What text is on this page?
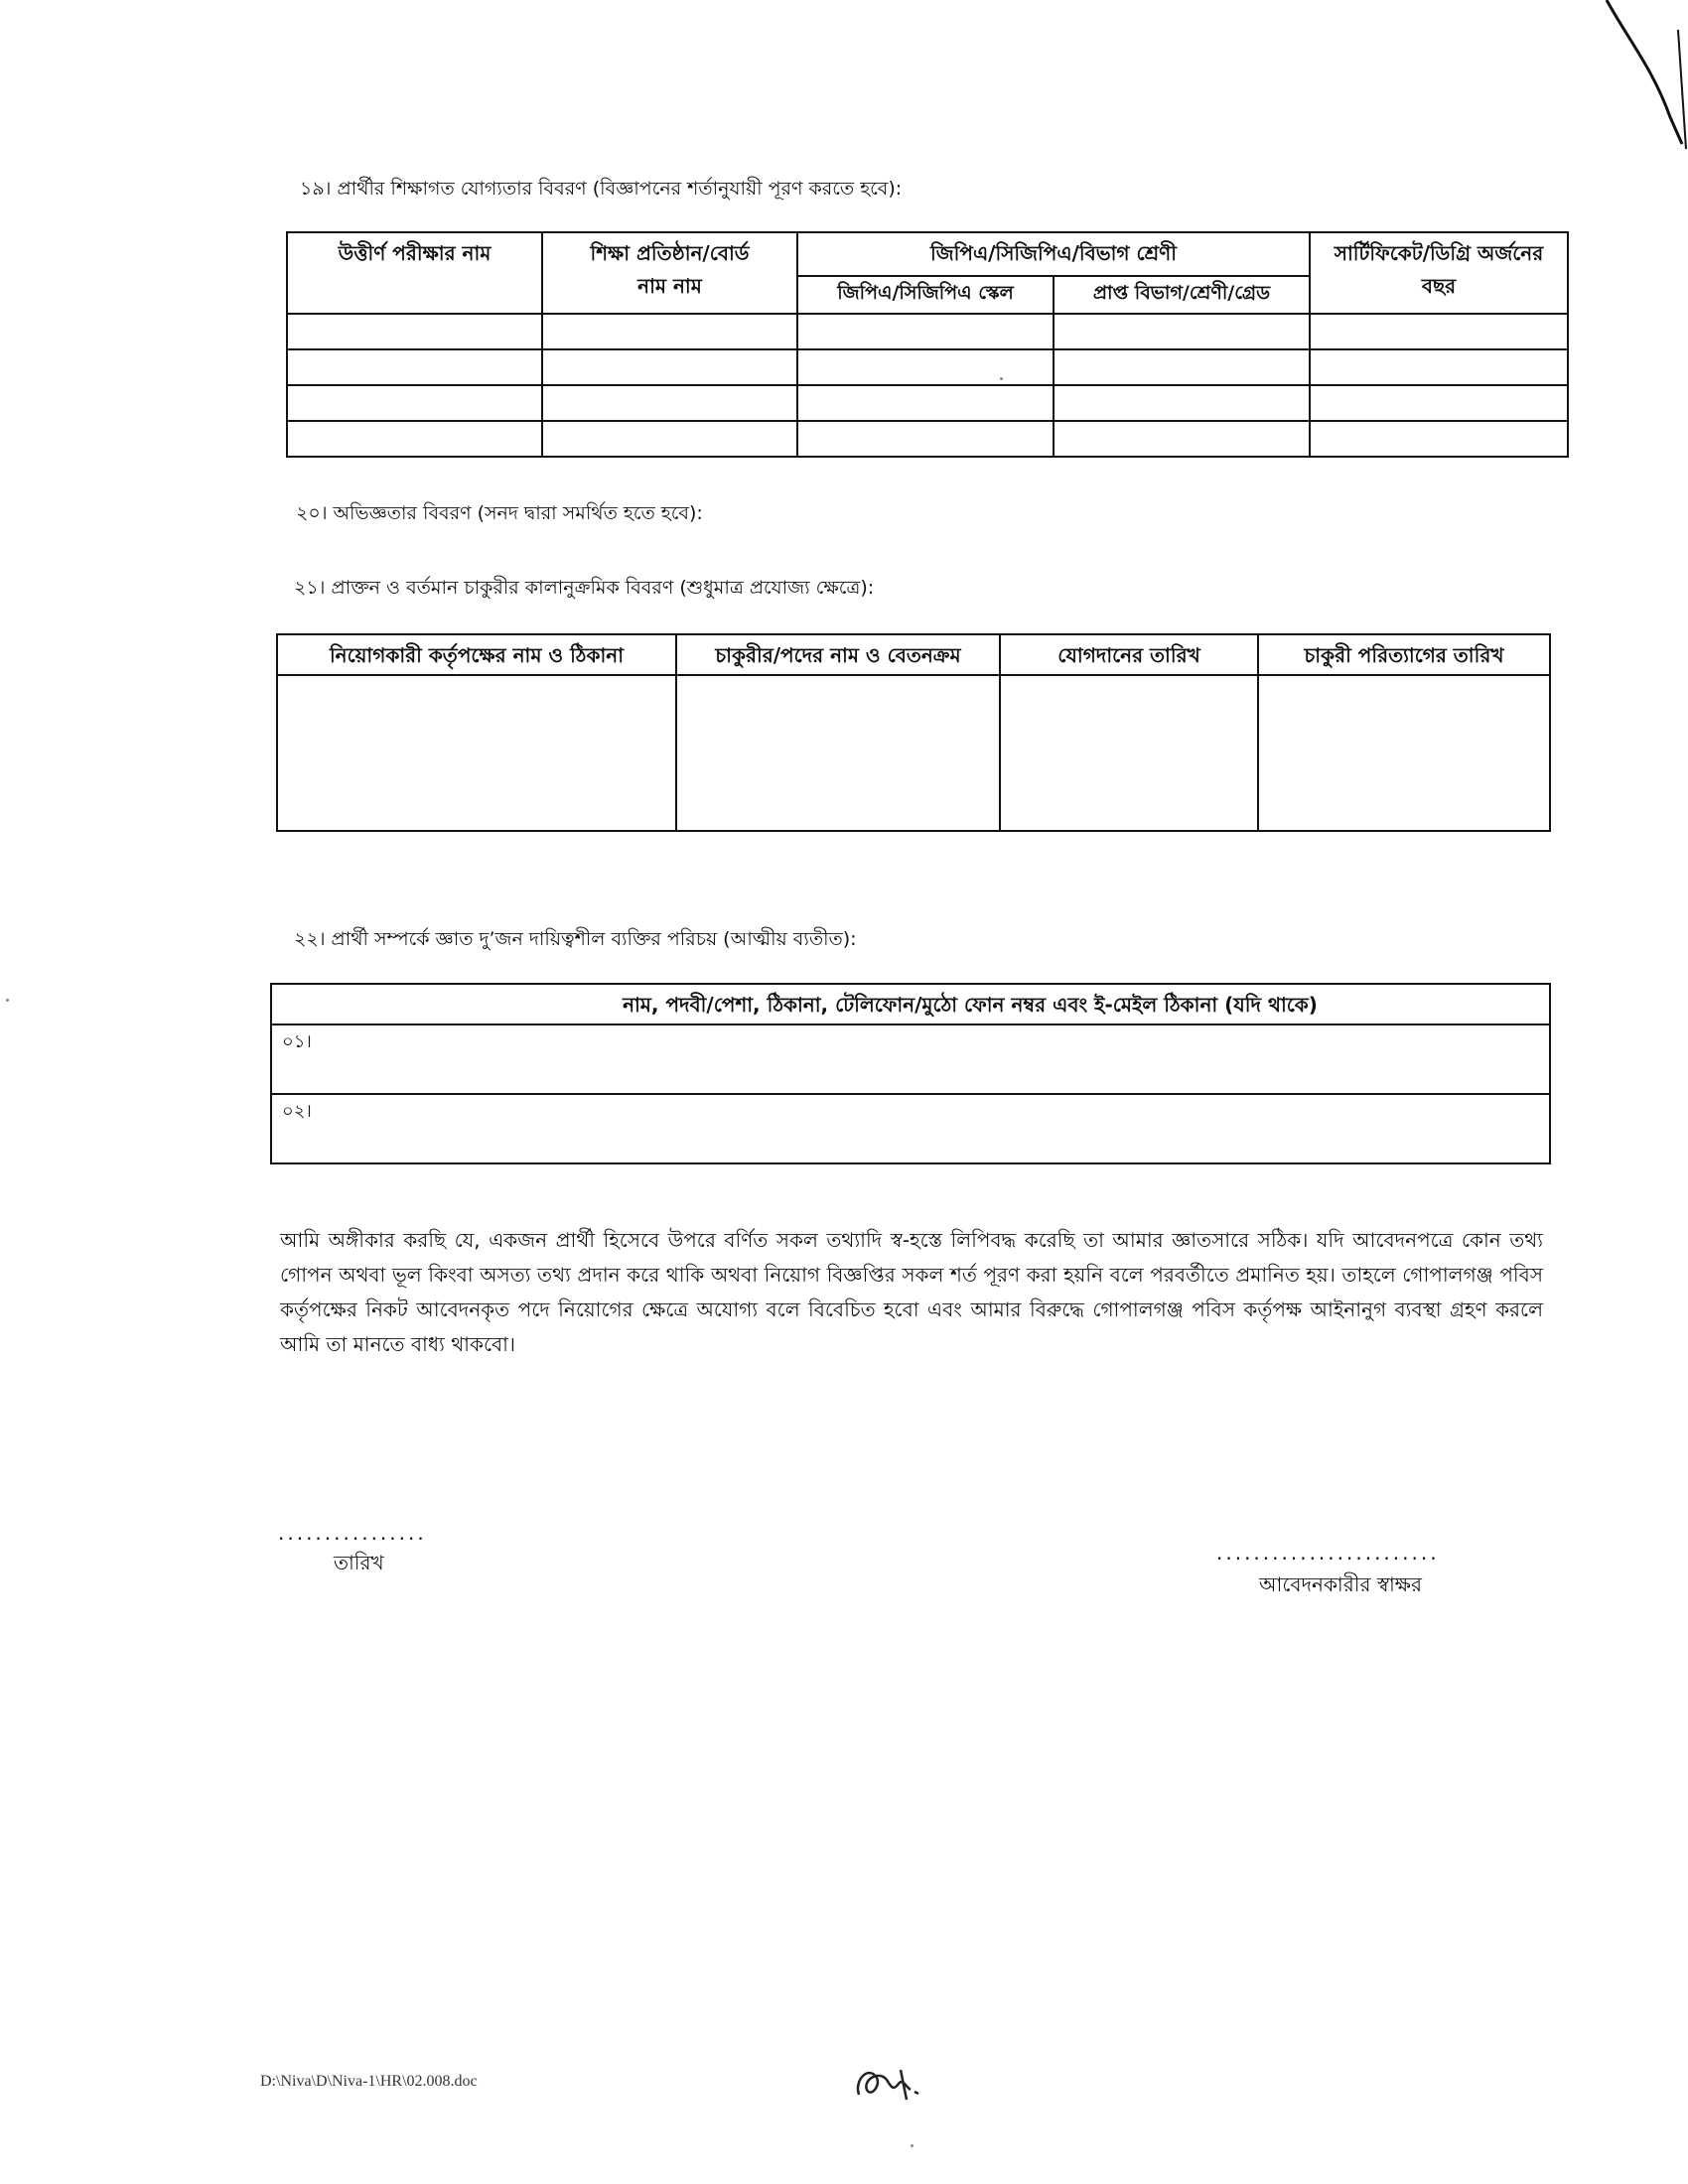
১৯। প্রার্থীর শিক্ষাগত যোগ্যতার বিবরণ (বিজ্ঞাপনের শর্তানুযায়ী পূরণ করতে হবে):
উত্তীর্ণ পরীক্ষার নাম	শিক্ষা প্রতিষ্ঠান/বোর্ড নাম নাম	জিপিএ/সিজিপিএ/বিভাগ শ্রেণী		সার্টিফিকেট/ডিগ্রি অর্জনের বছর
		জিপিএ/সিজিপিএ স্কেল	প্রাপ্ত বিভাগ/শ্রেণী/গ্রেড	

২০। অভিজ্ঞতার বিবরণ (সনদ দ্বারা সমর্থিত হতে হবে):
২১। প্রাক্তন ও বর্তমান চাকুরীর কালানুক্রমিক বিবরণ (শুধুমাত্র প্রযোজ্য ক্ষেত্রে):
নিয়োগকারী কর্তৃপক্ষের নাম ও ঠিকানা	চাকুরীর/পদের নাম ও বেতনক্রম	যোগদানের তারিখ	চাকুরী পরিত্যাগের তারিখ

২২। প্রার্থী সম্পর্কে জ্ঞাত দু’জন দায়িত্বশীল ব্যক্তির পরিচয় (আত্মীয় ব্যতীত):
নাম, পদবী/পেশা, ঠিকানা, টেলিফোন/মুঠো ফোন নম্বর এবং ই-মেইল ঠিকানা (যদি থাকে)
০১।
০২।
আমি অঙ্গীকার করছি যে, একজন প্রার্থী হিসেবে উপরে বর্ণিত সকল তথ্যাদি স্ব-হস্তে লিপিবদ্ধ করেছি তা আমার জ্ঞাতসারে সঠিক। যদি আবেদনপত্রে কোন তথ্য গোপন অথবা ভূল কিংবা অসত্য তথ্য প্রদান করে থাকি অথবা নিয়োগ বিজ্ঞপ্তির সকল শর্ত পূরণ করা হয়নি বলে পরবর্তীতে প্রমানিত হয়। তাহলে গোপালগঞ্জ পবিস কর্তৃপক্ষের নিকট আবেদনকৃত পদে নিয়োগের ক্ষেত্রে অযোগ্য বলে বিবেচিত হবো এবং আমার বিরুদ্ধে গোপালগঞ্জ পবিস কর্তৃপক্ষ আইনানুগ ব্যবস্থা গ্রহণ করলে আমি তা মানতে বাধ্য থাকবো।
................
তারিখ	........................
আবেদনকারীর স্বাক্ষর
D:\Niva\D\Niva-1\HR\02.008.doc
